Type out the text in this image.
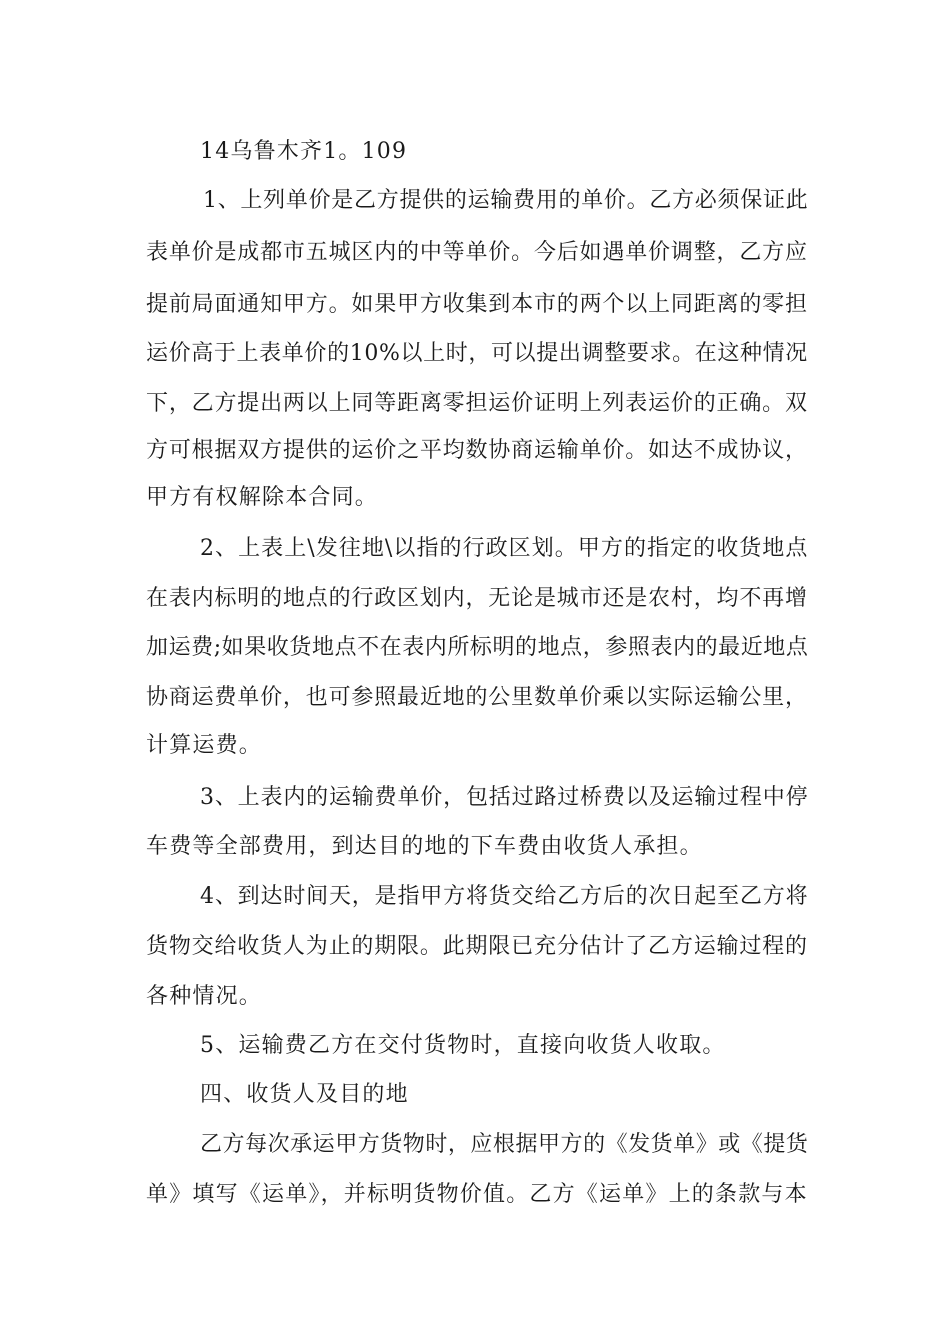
14乌鲁木齐1。109
1、上列单价是乙方提供的运输费用的单价。乙方必须保证此
表单价是成都市五城区内的中等单价。今后如遇单价调整，乙方应
提前局面通知甲方。如果甲方收集到本市的两个以上同距离的零担
运价高于上表单价的10%以上时，可以提出调整要求。在这种情况
下，乙方提出两以上同等距离零担运价证明上列表运价的正确。双
方可根据双方提供的运价之平均数协商运输单价。如达不成协议，
甲方有权解除本合同。
2、上表上\发往地\以指的行政区划。甲方的指定的收货地点
在表内标明的地点的行政区划内，无论是城市还是农村，均不再增
加运费;如果收货地点不在表内所标明的地点，参照表内的最近地点
协商运费单价，也可参照最近地的公里数单价乘以实际运输公里，
计算运费。
3、上表内的运输费单价，包括过路过桥费以及运输过程中停
车费等全部费用，到达目的地的下车费由收货人承担。
4、到达时间天，是指甲方将货交给乙方后的次日起至乙方将
货物交给收货人为止的期限。此期限已充分估计了乙方运输过程的
各种情况。
5、运输费乙方在交付货物时，直接向收货人收取。
四、收货人及目的地
乙方每次承运甲方货物时，应根据甲方的《发货单》或《提货
单》填写《运单》，并标明货物价值。乙方《运单》上的条款与本
